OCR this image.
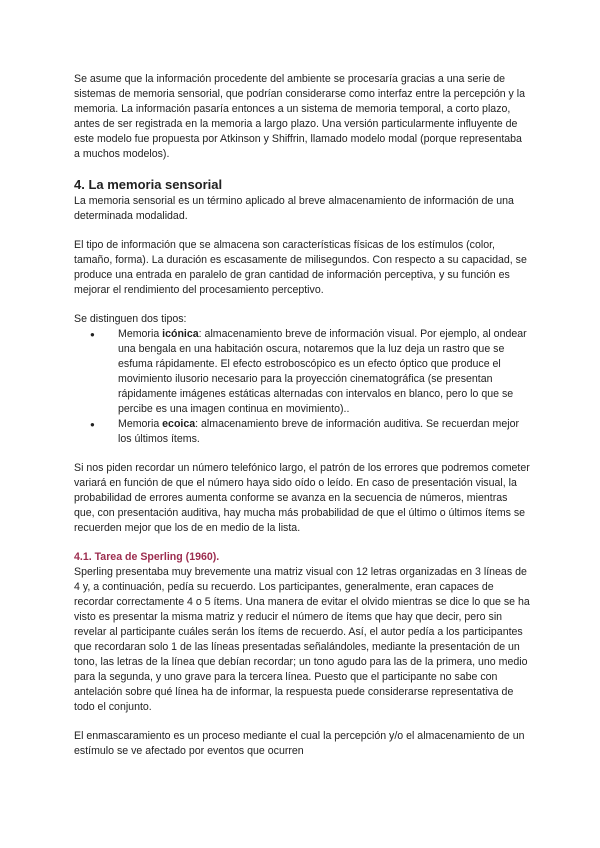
Se asume que la información procedente del ambiente se procesaría gracias a una serie de sistemas de memoria sensorial, que podrían considerarse como interfaz entre la percepción y la memoria. La información pasaría entonces a un sistema de memoria temporal, a corto plazo, antes de ser registrada en la memoria a largo plazo. Una versión particularmente influyente de este modelo fue propuesta por Atkinson y Shiffrin, llamado modelo modal (porque representaba a muchos modelos).

4. La memoria sensorial

La memoria sensorial es un término aplicado al breve almacenamiento de información de una determinada modalidad.

El tipo de información que se almacena son características físicas de los estímulos (color, tamaño, forma). La duración es escasamente de milisegundos. Con respecto a su capacidad, se produce una entrada en paralelo de gran cantidad de información perceptiva, y su función es mejorar el rendimiento del procesamiento perceptivo.

Se distinguen dos tipos:

● Memoria icónica: almacenamiento breve de información visual. Por ejemplo, al ondear una bengala en una habitación oscura, notaremos que la luz deja un rastro que se esfuma rápidamente. El efecto estroboscópico es un efecto óptico que produce el movimiento ilusorio necesario para la proyección cinematográfica (se presentan rápidamente imágenes estáticas alternadas con intervalos en blanco, pero lo que se percibe es una imagen continua en movimiento)..
● Memoria ecoica: almacenamiento breve de información auditiva. Se recuerdan mejor los últimos ítems.

Si nos piden recordar un número telefónico largo, el patrón de los errores que podremos cometer variará en función de que el número haya sido oído o leído. En caso de presentación visual, la probabilidad de errores aumenta conforme se avanza en la secuencia de números, mientras que, con presentación auditiva, hay mucha más probabilidad de que el último o últimos ítems se recuerden mejor que los de en medio de la lista.

4.1. Tarea de Sperling (1960).

Sperling presentaba muy brevemente una matriz visual con 12 letras organizadas en 3 líneas de 4 y, a continuación, pedía su recuerdo. Los participantes, generalmente, eran capaces de recordar correctamente 4 o 5 ítems. Una manera de evitar el olvido mientras se dice lo que se ha visto es presentar la misma matriz y reducir el número de ítems que hay que decir, pero sin revelar al participante cuáles serán los ítems de recuerdo. Así, el autor pedía a los participantes que recordaran solo 1 de las líneas presentadas señalándoles, mediante la presentación de un tono, las letras de la línea que debían recordar; un tono agudo para las de la primera, uno medio para la segunda, y uno grave para la tercera línea. Puesto que el participante no sabe con antelación sobre qué línea ha de informar, la respuesta puede considerarse representativa de todo el conjunto.

El enmascaramiento es un proceso mediante el cual la percepción y/o el almacenamiento de un estímulo se ve afectado por eventos que ocurren
